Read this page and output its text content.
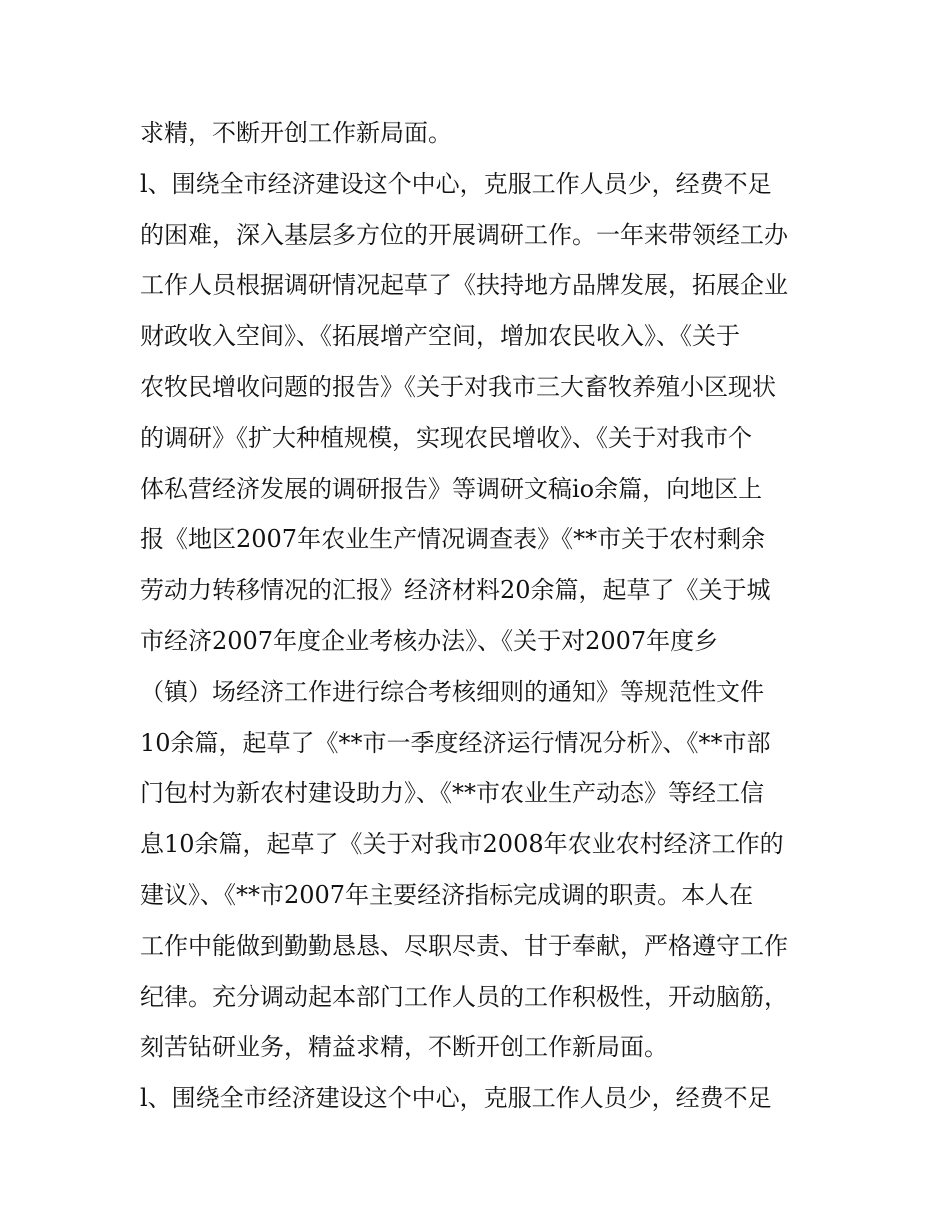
求精，不断开创工作新局面。
l、围绕全市经济建设这个中心，克服工作人员少，经费不足
的困难，深入基层多方位的开展调研工作。一年来带领经工办
工作人员根据调研情况起草了《扶持地方品牌发展，拓展企业
财政收入空间》、《拓展增产空间，增加农民收入》、《关于
农牧民增收问题的报告》《关于对我市三大畜牧养殖小区现状
的调研》《扩大种植规模，实现农民增收》、《关于对我市个
体私营经济发展的调研报告》等调研文稿io余篇，向地区上
报《地区2007年农业生产情况调查表》《**市关于农村剩余
劳动力转移情况的汇报》经济材料20余篇，起草了《关于城
市经济2007年度企业考核办法》、《关于对2007年度乡
（镇）场经济工作进行综合考核细则的通知》等规范性文件
10余篇，起草了《**市一季度经济运行情况分析》、《**市部
门包村为新农村建设助力》、《**市农业生产动态》等经工信
息10余篇，起草了《关于对我市2008年农业农村经济工作的
建议》、《**市2007年主要经济指标完成调的职责。本人在
工作中能做到勤勤恳恳、尽职尽责、甘于奉献，严格遵守工作
纪律。充分调动起本部门工作人员的工作积极性，开动脑筋，
刻苦钻研业务，精益求精，不断开创工作新局面。
l、围绕全市经济建设这个中心，克服工作人员少，经费不足
